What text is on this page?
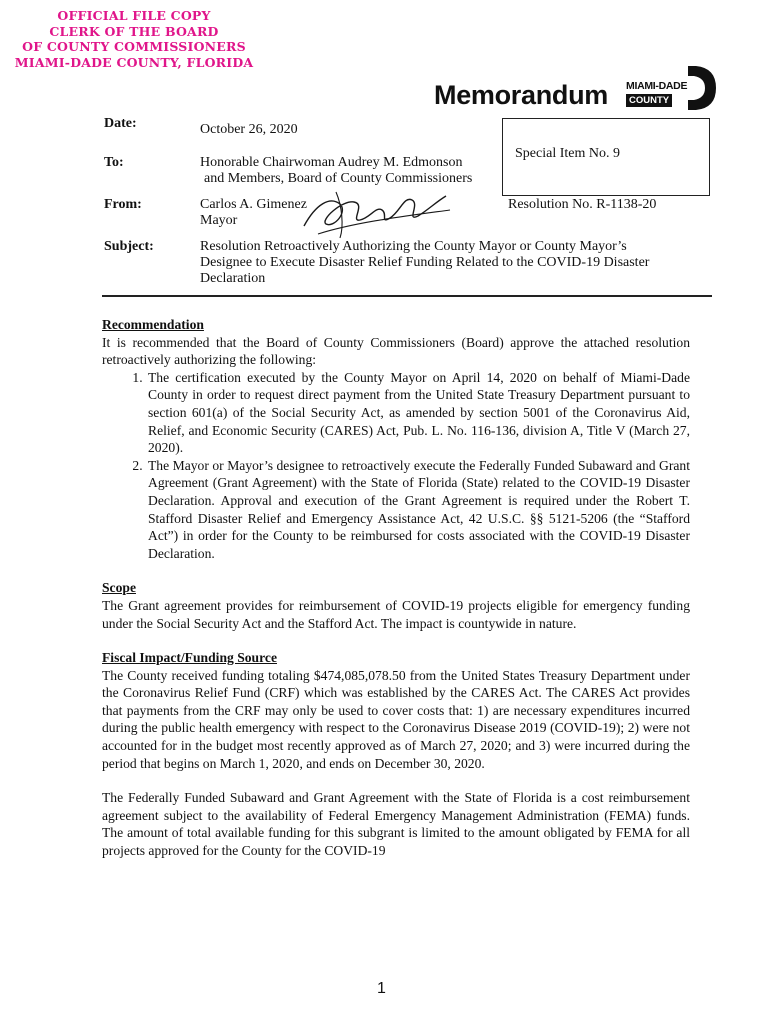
OFFICIAL FILE COPY
CLERK OF THE BOARD
OF COUNTY COMMISSIONERS
MIAMI-DADE COUNTY, FLORIDA
Memorandum MIAMI-DADE
COUNTY
Date:	October 26, 2020
To:	Honorable Chairwoman Audrey M. Edmonson
and Members, Board of County Commissioners
From:	Carlos A. Gimenez
Mayor
Subject:	Resolution Retroactively Authorizing the County Mayor or County Mayor’s Designee to Execute Disaster Relief Funding Related to the COVID-19 Disaster Declaration
Special Item No. 9
Resolution No. R-1138-20
Recommendation

It is recommended that the Board of County Commissioners (Board) approve the attached resolution retroactively authorizing the following:

1. The certification executed by the County Mayor on April 14, 2020 on behalf of Miami-Dade County in order to request direct payment from the United State Treasury Department pursuant to section 601(a) of the Social Security Act, as amended by section 5001 of the Coronavirus Aid, Relief, and Economic Security (CARES) Act, Pub. L. No. 116-136, division A, Title V (March 27, 2020).
2. The Mayor or Mayor’s designee to retroactively execute the Federally Funded Subaward and Grant Agreement (Grant Agreement) with the State of Florida (State) related to the COVID-19 Disaster Declaration. Approval and execution of the Grant Agreement is required under the Robert T. Stafford Disaster Relief and Emergency Assistance Act, 42 U.S.C. §§ 5121-5206 (the “Stafford Act”) in order for the County to be reimbursed for costs associated with the COVID-19 Disaster Declaration.
Scope

The Grant agreement provides for reimbursement of COVID-19 projects eligible for emergency funding under the Social Security Act and the Stafford Act. The impact is countywide in nature.

Fiscal Impact/Funding Source

The County received funding totaling $474,085,078.50 from the United States Treasury Department under the Coronavirus Relief Fund (CRF) which was established by the CARES Act. The CARES Act provides that payments from the CRF may only be used to cover costs that: 1) are necessary expenditures incurred during the public health emergency with respect to the Coronavirus Disease 2019 (COVID-19); 2) were not accounted for in the budget most recently approved as of March 27, 2020; and 3) were incurred during the period that begins on March 1, 2020, and ends on December 30, 2020.

The Federally Funded Subaward and Grant Agreement with the State of Florida is a cost reimbursement agreement subject to the availability of Federal Emergency Management Administration (FEMA) funds. The amount of total available funding for this subgrant is limited to the amount obligated by FEMA for all projects approved for the County for the COVID-19

1
